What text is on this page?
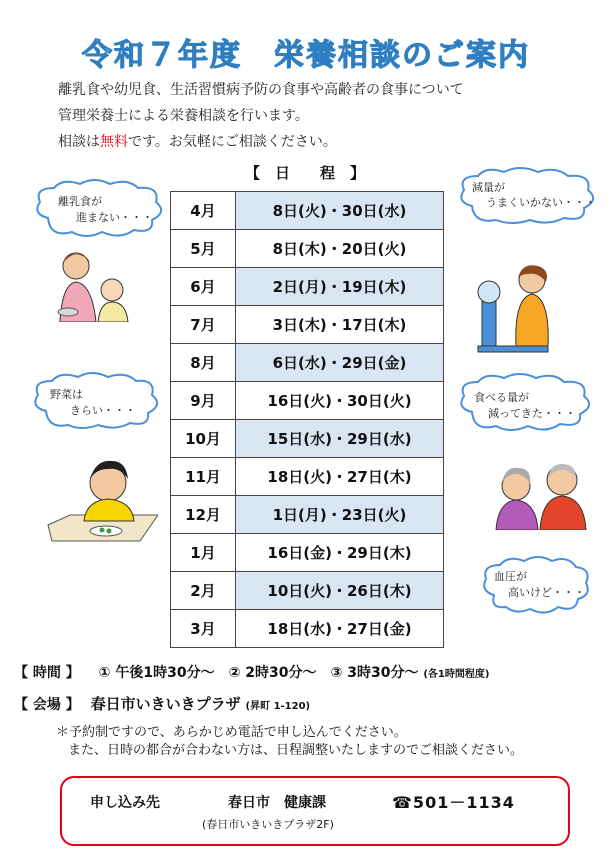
令和７年度　栄養相談のご案内
離乳食や幼児食、生活習慣病予防の食事や高齢者の食事について
管理栄養士による栄養相談を行います。
相談は無料です。お気軽にご相談ください。
【　日　　程　】
4月	8日(火)・30日(水)
5月	8日(木)・20日(火)
6月	2日(月)・19日(木)
7月	3日(木)・17日(木)
8月	6日(水)・29日(金)
9月	16日(火)・30日(火)
10月	15日(水)・29日(水)
11月	18日(火)・27日(木)
12月	1日(月)・23日(火)
1月	16日(金)・29日(木)
2月	10日(火)・26日(木)
3月	18日(水)・27日(金)
離乳食が
進まない・・・
野菜は
きらい・・・
減量が
うまくいかない・・・
食べる量が
減ってきた・・・
血圧が
高いけど・・・
【 時間 】 ① 午後1時30分～　② 2時30分～　③ 3時30分～ (各1時間程度)
【 会場 】 春日市いきいきプラザ (昇町 1-120)
＊予約制ですので、あらかじめ電話で申し込んでください。
また、日時の都合が合わない方は、日程調整いたしますのでご相談ください。
申し込み先	春日市　健康課	☎501－1134
(春日市いきいきプラザ2F)
